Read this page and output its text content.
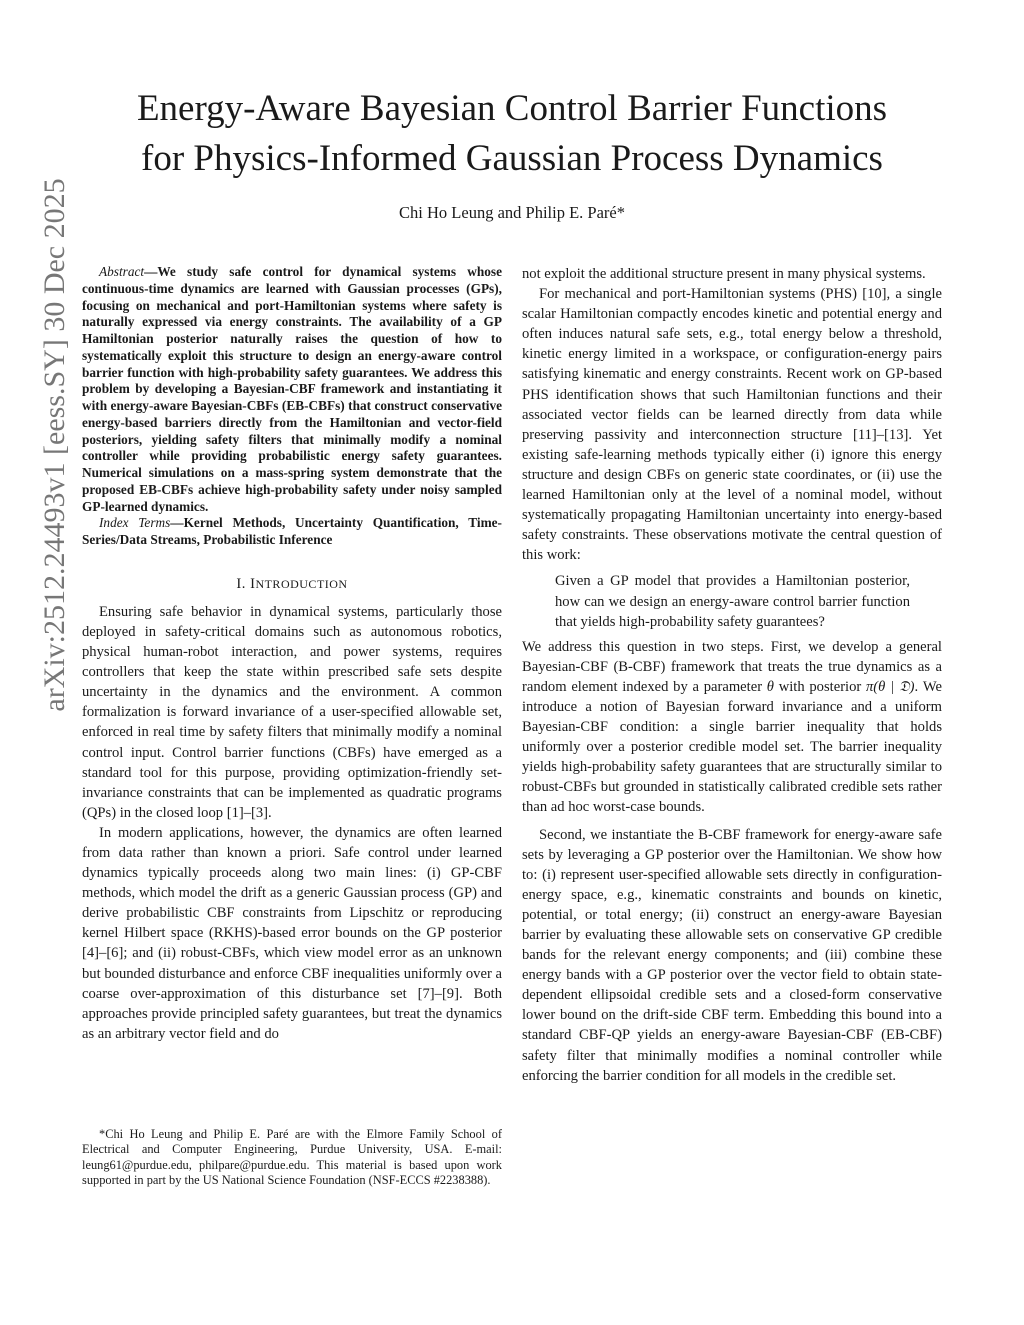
Energy-Aware Bayesian Control Barrier Functions
for Physics-Informed Gaussian Process Dynamics
Chi Ho Leung and Philip E. Paré*
arXiv:2512.24493v1 [eess.SY] 30 Dec 2025	Abstract—We study safe control for dynamical systems whose continuous-time dynamics are learned with Gaussian processes (GPs), focusing on mechanical and port-Hamiltonian systems where safety is naturally expressed via energy constraints. The availability of a GP Hamiltonian posterior naturally raises the question of how to systematically exploit this structure to design an energy-aware control barrier function with high-probability safety guarantees. We address this problem by developing a Bayesian-CBF framework and instantiating it with energy-aware Bayesian-CBFs (EB-CBFs) that construct conservative energy-based barriers directly from the Hamiltonian and vector-field posteriors, yielding safety filters that minimally modify a nominal controller while providing probabilistic energy safety guarantees. Numerical simulations on a mass-spring system demonstrate that the proposed EB-CBFs achieve high-probability safety under noisy sampled GP-learned dynamics.

Index Terms—Kernel Methods, Uncertainty Quantification, Time-Series/Data Streams, Probabilistic Inference

I. INTRODUCTION

Ensuring safe behavior in dynamical systems, particularly those deployed in safety-critical domains such as autonomous robotics, physical human-robot interaction, and power systems, requires controllers that keep the state within prescribed safe sets despite uncertainty in the dynamics and the environment. A common formalization is forward invariance of a user-specified allowable set, enforced in real time by safety filters that minimally modify a nominal control input. Control barrier functions (CBFs) have emerged as a standard tool for this purpose, providing optimization-friendly set-invariance constraints that can be implemented as quadratic programs (QPs) in the closed loop [1]–[3].

In modern applications, however, the dynamics are often learned from data rather than known a priori. Safe control under learned dynamics typically proceeds along two main lines: (i) GP-CBF methods, which model the drift as a generic Gaussian process (GP) and derive probabilistic CBF constraints from Lipschitz or reproducing kernel Hilbert space (RKHS)-based error bounds on the GP posterior [4]–[6]; and (ii) robust-CBFs, which view model error as an unknown but bounded disturbance and enforce CBF inequalities uniformly over a coarse over-approximation of this disturbance set [7]–[9]. Both approaches provide principled safety guarantees, but treat the dynamics as an arbitrary vector field and do

*Chi Ho Leung and Philip E. Paré are with the Elmore Family School of Electrical and Computer Engineering, Purdue University, USA. E-mail: leung61@purdue.edu, philpare@purdue.edu. This material is based upon work supported in part by the US National Science Foundation (NSF-ECCS #2238388).

not exploit the additional structure present in many physical systems.

For mechanical and port-Hamiltonian systems (PHS) [10], a single scalar Hamiltonian compactly encodes kinetic and potential energy and often induces natural safe sets, e.g., total energy below a threshold, kinetic energy limited in a workspace, or configuration-energy pairs satisfying kinematic and energy constraints. Recent work on GP-based PHS identification shows that such Hamiltonian functions and their associated vector fields can be learned directly from data while preserving passivity and interconnection structure [11]–[13]. Yet existing safe-learning methods typically either (i) ignore this energy structure and design CBFs on generic state coordinates, or (ii) use the learned Hamiltonian only at the level of a nominal model, without systematically propagating Hamiltonian uncertainty into energy-based safety constraints. These observations motivate the central question of this work:

Given a GP model that provides a Hamiltonian posterior, how can we design an energy-aware control barrier function that yields high-probability safety guarantees?

We address this question in two steps. First, we develop a general Bayesian-CBF (B-CBF) framework that treats the true dynamics as a random element indexed by a parameter θ with posterior π(θ | 𝔇). We introduce a notion of Bayesian forward invariance and a uniform Bayesian-CBF condition: a single barrier inequality that holds uniformly over a posterior credible model set. The barrier inequality yields high-probability safety guarantees that are structurally similar to robust-CBFs but grounded in statistically calibrated credible sets rather than ad hoc worst-case bounds.

Second, we instantiate the B-CBF framework for energy-aware safe sets by leveraging a GP posterior over the Hamiltonian. We show how to: (i) represent user-specified allowable sets directly in configuration-energy space, e.g., kinematic constraints and bounds on kinetic, potential, or total energy; (ii) construct an energy-aware Bayesian barrier by evaluating these allowable sets on conservative GP credible bands for the relevant energy components; and (iii) combine these energy bands with a GP posterior over the vector field to obtain state-dependent ellipsoidal credible sets and a closed-form conservative lower bound on the drift-side CBF term. Embedding this bound into a standard CBF-QP yields an energy-aware Bayesian-CBF (EB-CBF) safety filter that minimally modifies a nominal controller while enforcing the barrier condition for all models in the credible set.
